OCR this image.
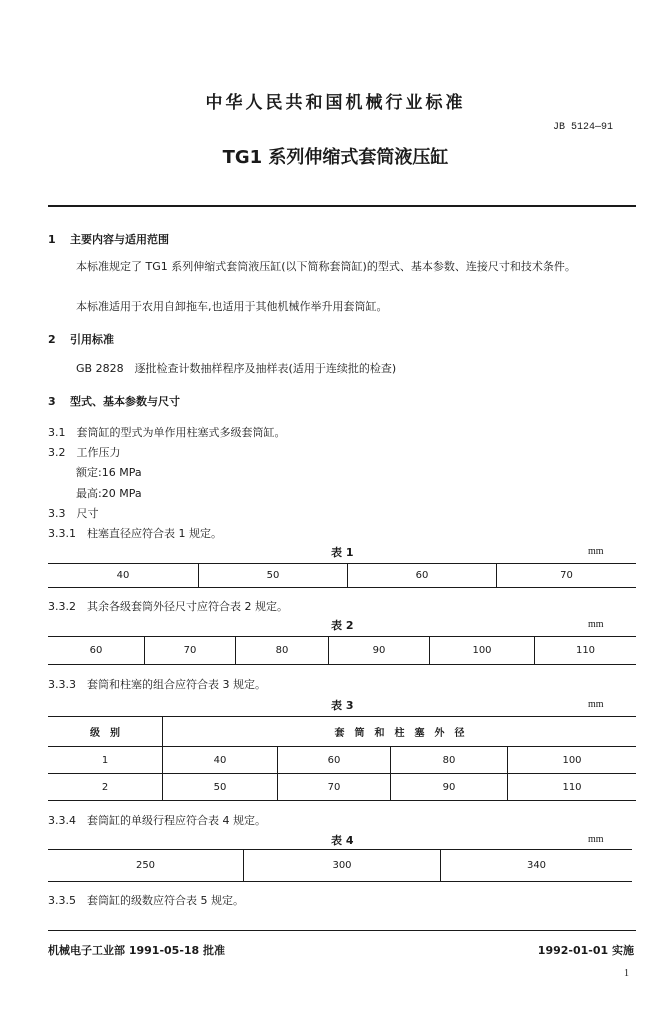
中华人民共和国机械行业标准
JB 5124—91
TG1 系列伸缩式套筒液压缸
1 主要内容与适用范围
本标准规定了 TG1 系列伸缩式套筒液压缸(以下简称套筒缸)的型式、基本参数、连接尺寸和技术条件。
本标准适用于农用自卸拖车,也适用于其他机械作举升用套筒缸。
2 引用标准
GB 2828　逐批检查计数抽样程序及抽样表(适用于连续批的检查)
3 型式、基本参数与尺寸
3.1　套筒缸的型式为单作用柱塞式多级套筒缸。
3.2　工作压力
额定:16 MPa
最高:20 MPa
3.3　尺寸
3.3.1　柱塞直径应符合表 1 规定。
表 1	mm
40	50	60	70
3.3.2　其余各级套筒外径尺寸应符合表 2 规定。
表 2	mm
60	70	80	90	100	110
3.3.3　套筒和柱塞的组合应符合表 3 规定。
表 3	mm
级　别	套　筒　和　柱　塞　外　径			
1	40	60	80	100
2	50	70	90	110
3.3.4　套筒缸的单级行程应符合表 4 规定。
表 4	mm
250	300	340
3.3.5　套筒缸的级数应符合表 5 规定。
机械电子工业部 1991-05-18 批准	1992-01-01 实施
1
